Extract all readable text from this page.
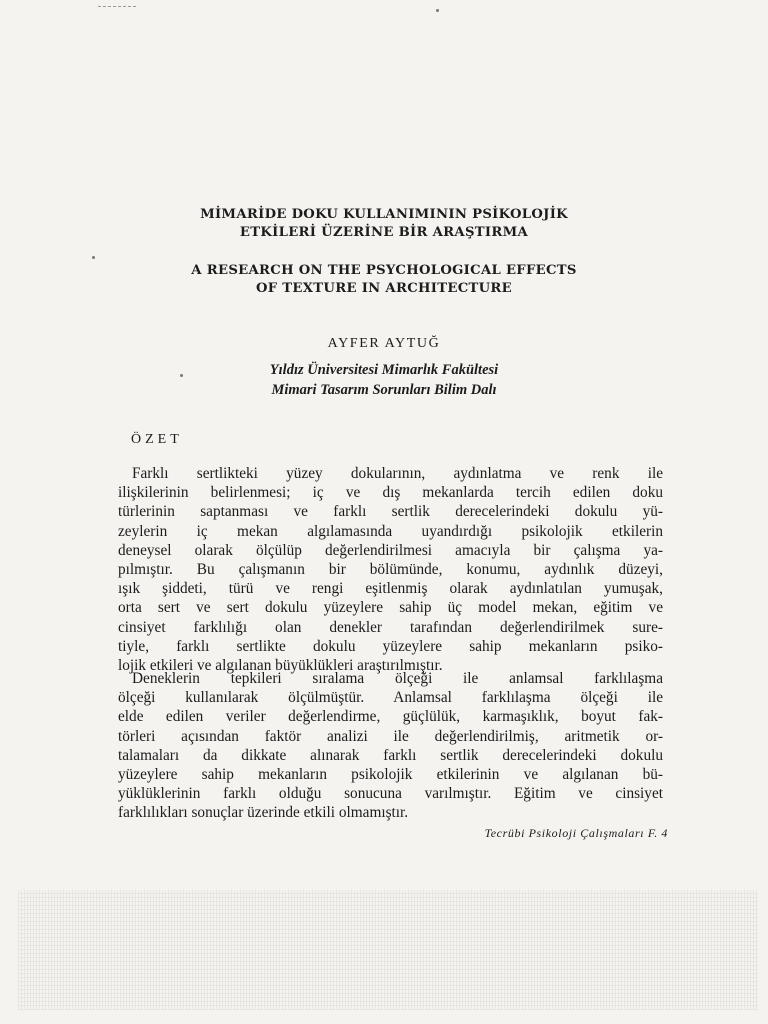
MİMARİDE DOKU KULLANIMININ PSİKOLOJİK
ETKİLERİ ÜZERİNE BİR ARAŞTIRMA
A RESEARCH ON THE PSYCHOLOGICAL EFFECTS
OF TEXTURE IN ARCHITECTURE
AYFER AYTUĞ
Yıldız Üniversitesi Mimarlık Fakültesi
Mimari Tasarım Sorunları Bilim Dalı
ÖZET
Farklı sertlikteki yüzey dokularının, aydınlatma ve renk ile
ilişkilerinin belirlenmesi; iç ve dış mekanlarda tercih edilen doku
türlerinin saptanması ve farklı sertlik derecelerindeki dokulu yü-
zeylerin iç mekan algılamasında uyandırdığı psikolojik etkilerin
deneysel olarak ölçülüp değerlendirilmesi amacıyla bir çalışma ya-
pılmıştır. Bu çalışmanın bir bölümünde, konumu, aydınlık düzeyi,
ışık şiddeti, türü ve rengi eşitlenmiş olarak aydınlatılan yumuşak,
orta sert ve sert dokulu yüzeylere sahip üç model mekan, eğitim ve
cinsiyet farklılığı olan denekler tarafından değerlendirilmek sure-
tiyle, farklı sertlikte dokulu yüzeylere sahip mekanların psiko-
lojik etkileri ve algılanan büyüklükleri araştırılmıştır.
Deneklerin tepkileri sıralama ölçeği ile anlamsal farklılaşma
ölçeği kullanılarak ölçülmüştür. Anlamsal farklılaşma ölçeği ile
elde edilen veriler değerlendirme, güçlülük, karmaşıklık, boyut fak-
törleri açısından faktör analizi ile değerlendirilmiş, aritmetik or-
talamaları da dikkate alınarak farklı sertlik derecelerindeki dokulu
yüzeylere sahip mekanların psikolojik etkilerinin ve algılanan bü-
yüklüklerinin farklı olduğu sonucuna varılmıştır. Eğitim ve cinsiyet
farklılıkları sonuçlar üzerinde etkili olmamıştır.
Tecrübi Psikoloji Çalışmaları F. 4
